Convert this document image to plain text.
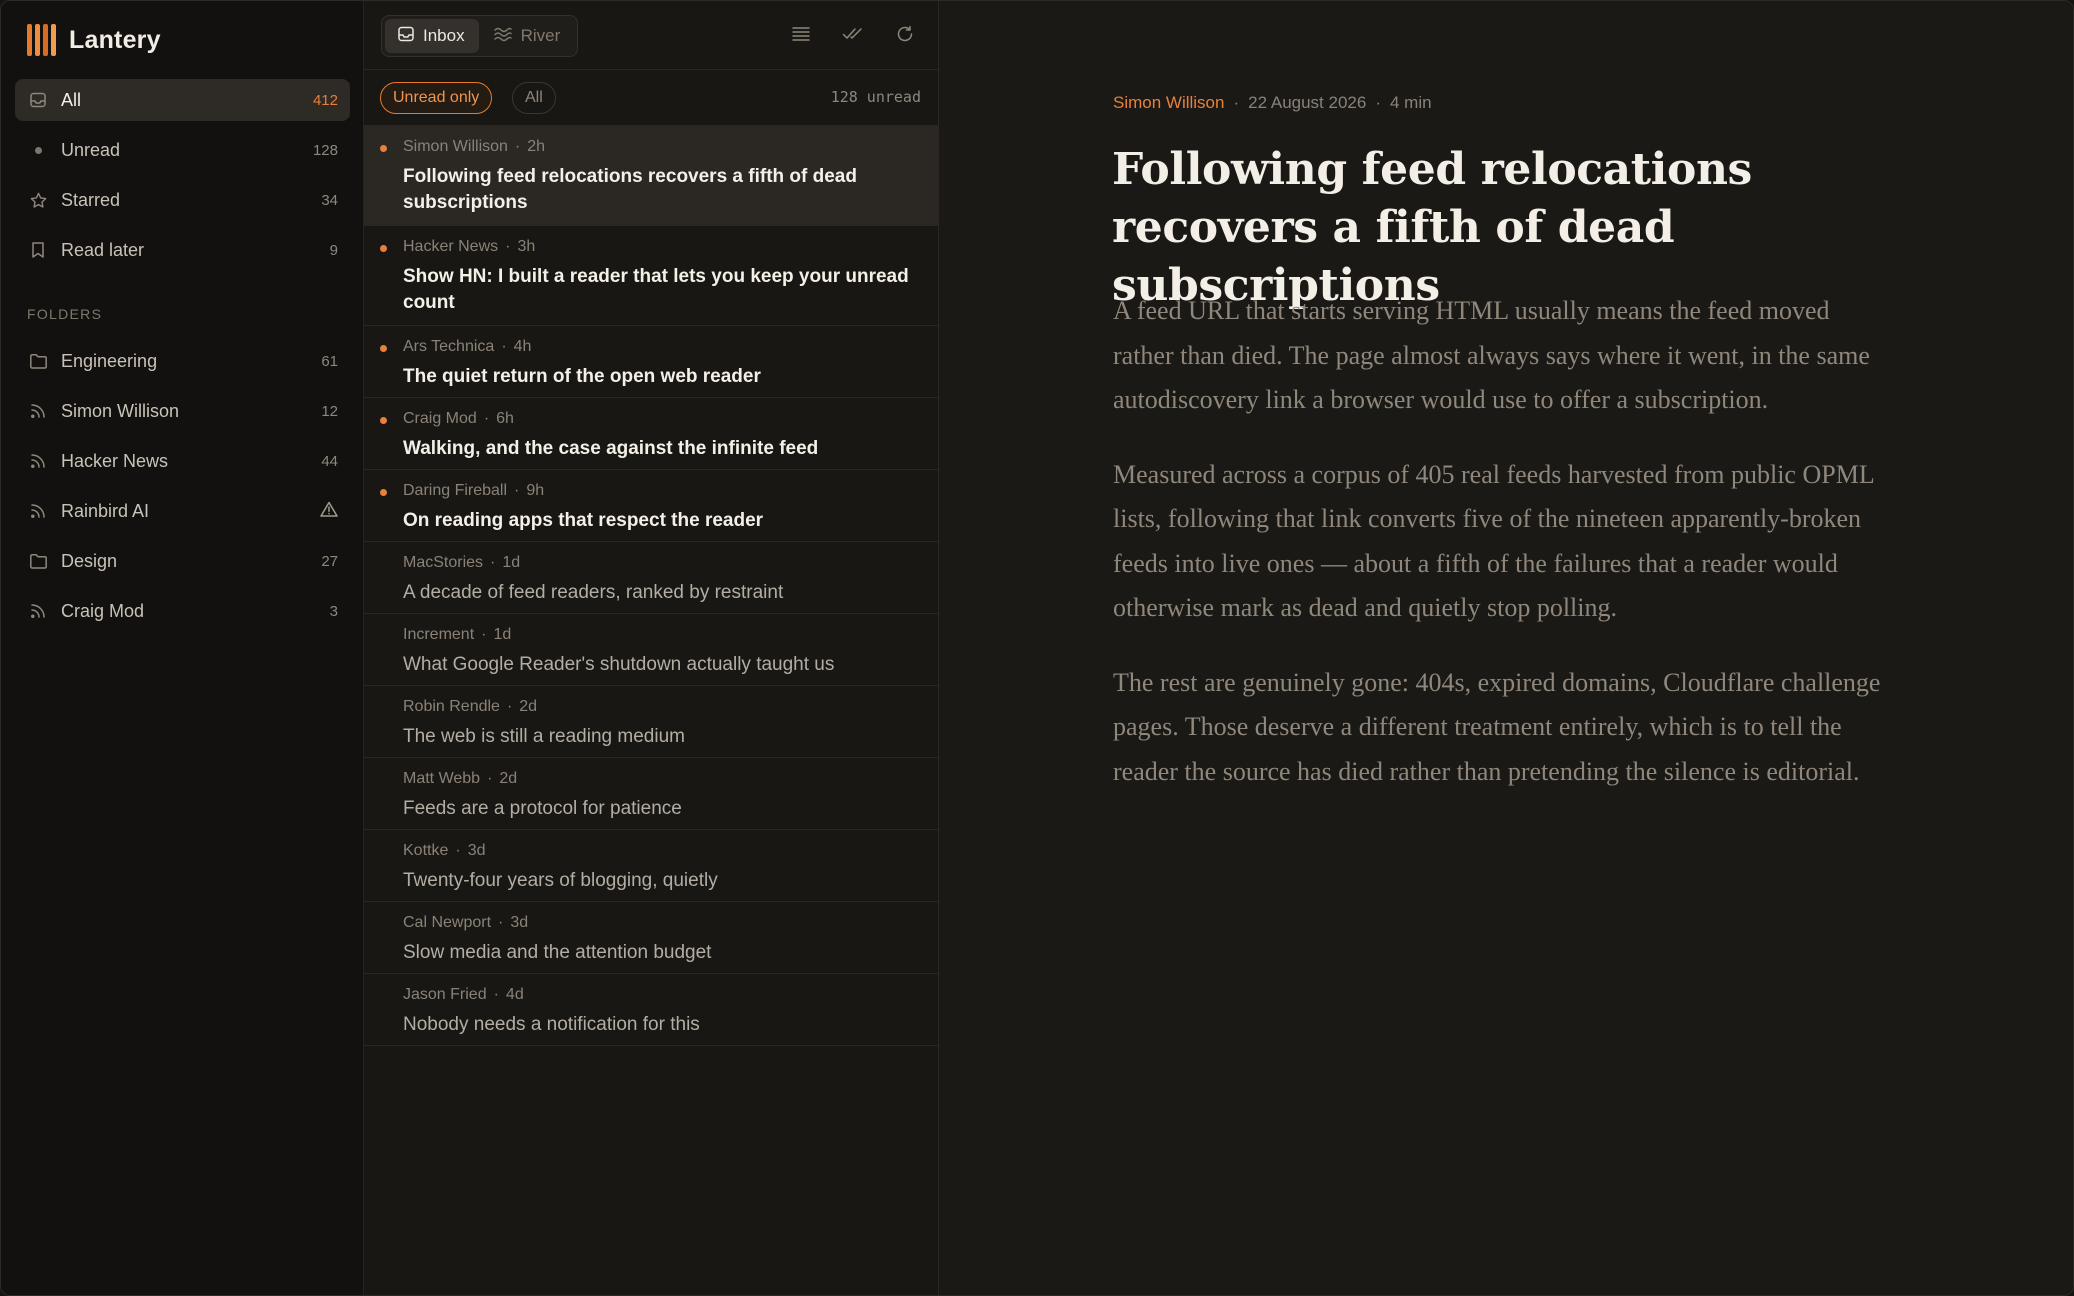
Lantery
All	412
Unread	128
Starred	34
Read later	9
FOLDERS
Engineering	61
Simon Willison	12
Hacker News	44
Rainbird AI
Design	27
Craig Mod	3
Inbox	River
Unread only	All	128 unread
Simon Willison · 2h
Following feed relocations recovers a fifth of dead subscriptions
Hacker News · 3h
Show HN: I built a reader that lets you keep your unread count
Ars Technica · 4h
The quiet return of the open web reader
Craig Mod · 6h
Walking, and the case against the infinite feed
Daring Fireball · 9h
On reading apps that respect the reader
MacStories · 1d
A decade of feed readers, ranked by restraint
Increment · 1d
What Google Reader's shutdown actually taught us
Robin Rendle · 2d
The web is still a reading medium
Matt Webb · 2d
Feeds are a protocol for patience
Kottke · 3d
Twenty-four years of blogging, quietly
Cal Newport · 3d
Slow media and the attention budget
Jason Fried · 4d
Nobody needs a notification for this
Simon Willison · 22 August 2026 · 4 min
Following feed relocations recovers a fifth of dead subscriptions

A feed URL that starts serving HTML usually means the feed moved rather than died. The page almost always says where it went, in the same autodiscovery link a browser would use to offer a subscription.

Measured across a corpus of 405 real feeds harvested from public OPML lists, following that link converts five of the nineteen apparently-broken feeds into live ones — about a fifth of the failures that a reader would otherwise mark as dead and quietly stop polling.

The rest are genuinely gone: 404s, expired domains, Cloudflare challenge pages. Those deserve a different treatment entirely, which is to tell the reader the source has died rather than pretending the silence is editorial.
